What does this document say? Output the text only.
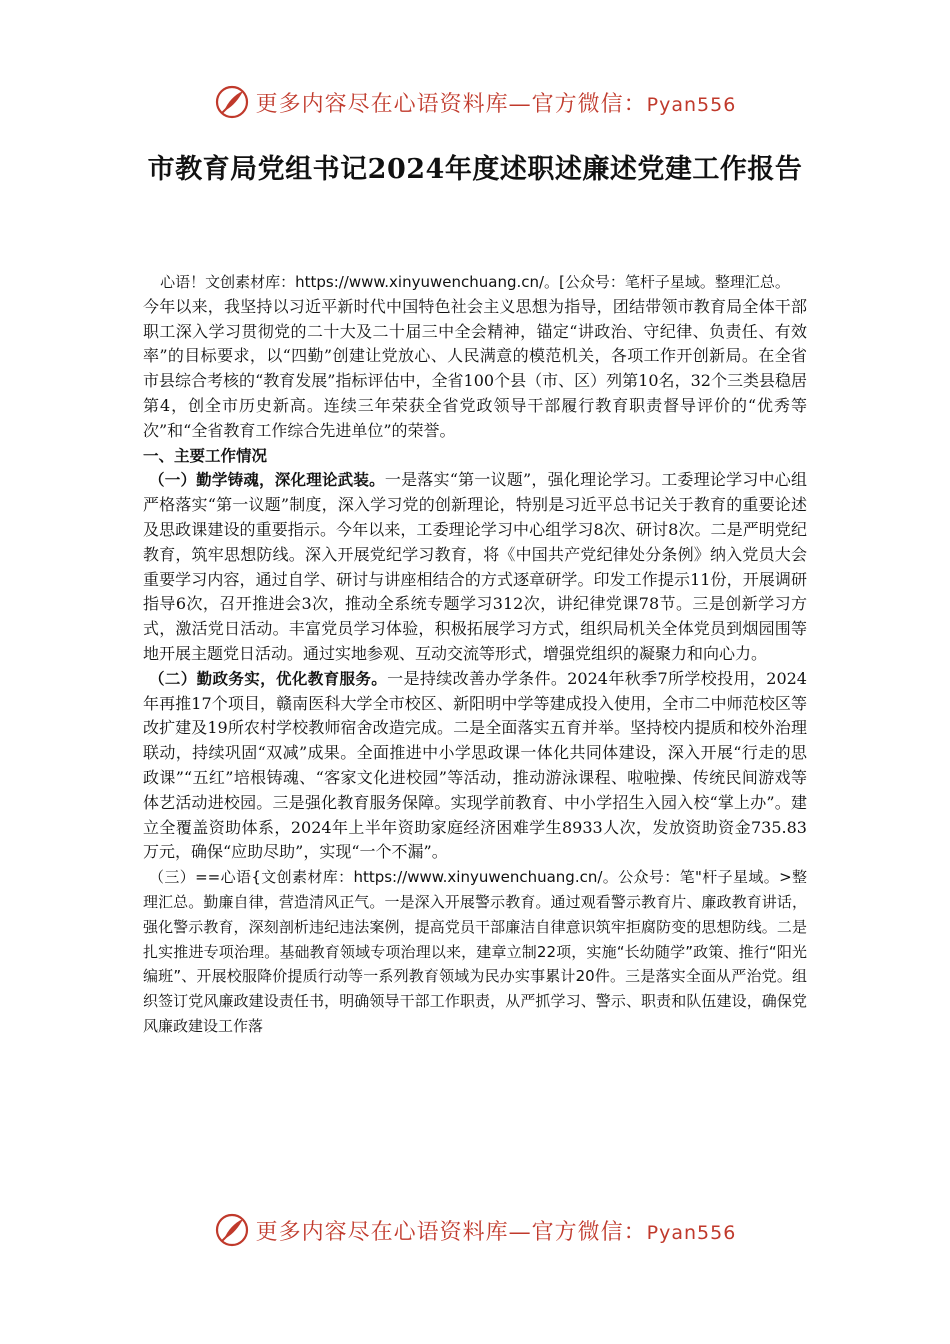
更多内容尽在心语资料库—官方微信：Pyan556
市教育局党组书记2024年度述职述廉述党建工作报告

心语！文创素材库：https://www.xinyuwenchuang.cn/。[公众号：笔杆子星域。整理汇总。

今年以来，我坚持以习近平新时代中国特色社会主义思想为指导，团结带领市教育局全体干部职工深入学习贯彻党的二十大及二十届三中全会精神，锚定“讲政治、守纪律、负责任、有效率”的目标要求，以“四勤”创建让党放心、人民满意的模范机关，各项工作开创新局。在全省市县综合考核的“教育发展”指标评估中，全省100个县（市、区）列第10名，32个三类县稳居第4，创全市历史新高。连续三年荣获全省党政领导干部履行教育职责督导评价的“优秀等次”和“全省教育工作综合先进单位”的荣誉。

一、主要工作情况

（一）勤学铸魂，深化理论武装。一是落实“第一议题”，强化理论学习。工委理论学习中心组严格落实“第一议题”制度，深入学习党的创新理论，特别是习近平总书记关于教育的重要论述及思政课建设的重要指示。今年以来，工委理论学习中心组学习8次、研讨8次。二是严明党纪教育，筑牢思想防线。深入开展党纪学习教育，将《中国共产党纪律处分条例》纳入党员大会重要学习内容，通过自学、研讨与讲座相结合的方式逐章研学。印发工作提示11份，开展调研指导6次，召开推进会3次，推动全系统专题学习312次，讲纪律党课78节。三是创新学习方式，激活党日活动。丰富党员学习体验，积极拓展学习方式，组织局机关全体党员到烟园围等地开展主题党日活动。通过实地参观、互动交流等形式，增强党组织的凝聚力和向心力。

（二）勤政务实，优化教育服务。一是持续改善办学条件。2024年秋季7所学校投用，2024年再推17个项目，赣南医科大学全市校区、新阳明中学等建成投入使用，全市二中师范校区等改扩建及19所农村学校教师宿舍改造完成。二是全面落实五育并举。坚持校内提质和校外治理联动，持续巩固“双减”成果。全面推进中小学思政课一体化共同体建设，深入开展“行走的思政课”“五红”培根铸魂、“客家文化进校园”等活动，推动游泳课程、啦啦操、传统民间游戏等体艺活动进校园。三是强化教育服务保障。实现学前教育、中小学招生入园入校“掌上办”。建立全覆盖资助体系，2024年上半年资助家庭经济困难学生8933人次，发放资助资金735.83万元，确保“应助尽助”，实现“一个不漏”。

（三）==心语{文创素材库：https://www.xinyuwenchuang.cn/。公众号：笔"杆子星域。>整理汇总。勤廉自律，营造清风正气。一是深入开展警示教育。通过观看警示教育片、廉政教育讲话，强化警示教育，深刻剖析违纪违法案例，提高党员干部廉洁自律意识筑牢拒腐防变的思想防线。二是扎实推进专项治理。基础教育领域专项治理以来，建章立制22项，实施“长幼随学”政策、推行“阳光编班”、开展校服降价提质行动等一系列教育领域为民办实事累计20件。三是落实全面从严治党。组织签订党风廉政建设责任书，明确领导干部工作职责，从严抓学习、警示、职责和队伍建设，确保党风廉政建设工作落

更多内容尽在心语资料库—官方微信：Pyan556
